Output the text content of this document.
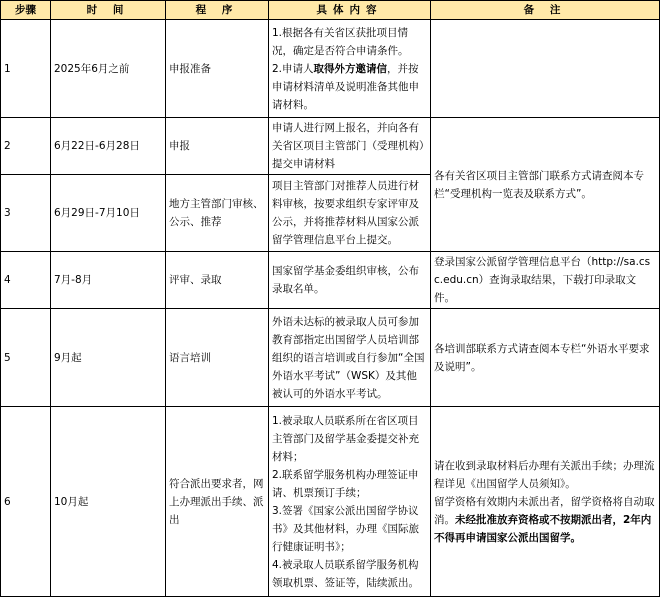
步骤	时 间	程 序	具体内容	备 注
1	2025年6月之前	申报准备	1.根据各有关省区获批项目情况，确定是否符合申请条件。
2.申请人取得外方邀请信，并按申请材料清单及说明准备其他申请材料。	
2	6月22日-6月28日	申报	申请人进行网上报名，并向各有关省区项目主管部门（受理机构）提交申请材料	各有关省区项目主管部门联系方式请查阅本专栏“受理机构一览表及联系方式”。
3	6月29日-7月10日	地方主管部门审核、公示、推荐	项目主管部门对推荐人员进行材料审核，按要求组织专家评审及公示，并将推荐材料从国家公派留学管理信息平台上提交。	
4	7月-8月	评审、录取	国家留学基金委组织审核，公布录取名单。	登录国家公派留学管理信息平台（http://sa.csc.edu.cn）查询录取结果，下载打印录取文件。
5	9月起	语言培训	外语未达标的被录取人员可参加教育部指定出国留学人员培训部组织的语言培训或自行参加“全国外语水平考试”（WSK）及其他被认可的外语水平考试。	各培训部联系方式请查阅本专栏“外语水平要求及说明”。
6	10月起	符合派出要求者，网上办理派出手续、派出	1.被录取人员联系所在省区项目主管部门及留学基金委提交补充材料；
2.联系留学服务机构办理签证申请、机票预订手续；
3.签署《国家公派出国留学协议书》及其他材料，办理《国际旅行健康证明书》；
4.被录取人员联系留学服务机构领取机票、签证等，陆续派出。	请在收到录取材料后办理有关派出手续；办理流程详见《出国留学人员须知》。
留学资格有效期内未派出者，留学资格将自动取消。未经批准放弃资格或不按期派出者，2年内不得再申请国家公派出国留学。
